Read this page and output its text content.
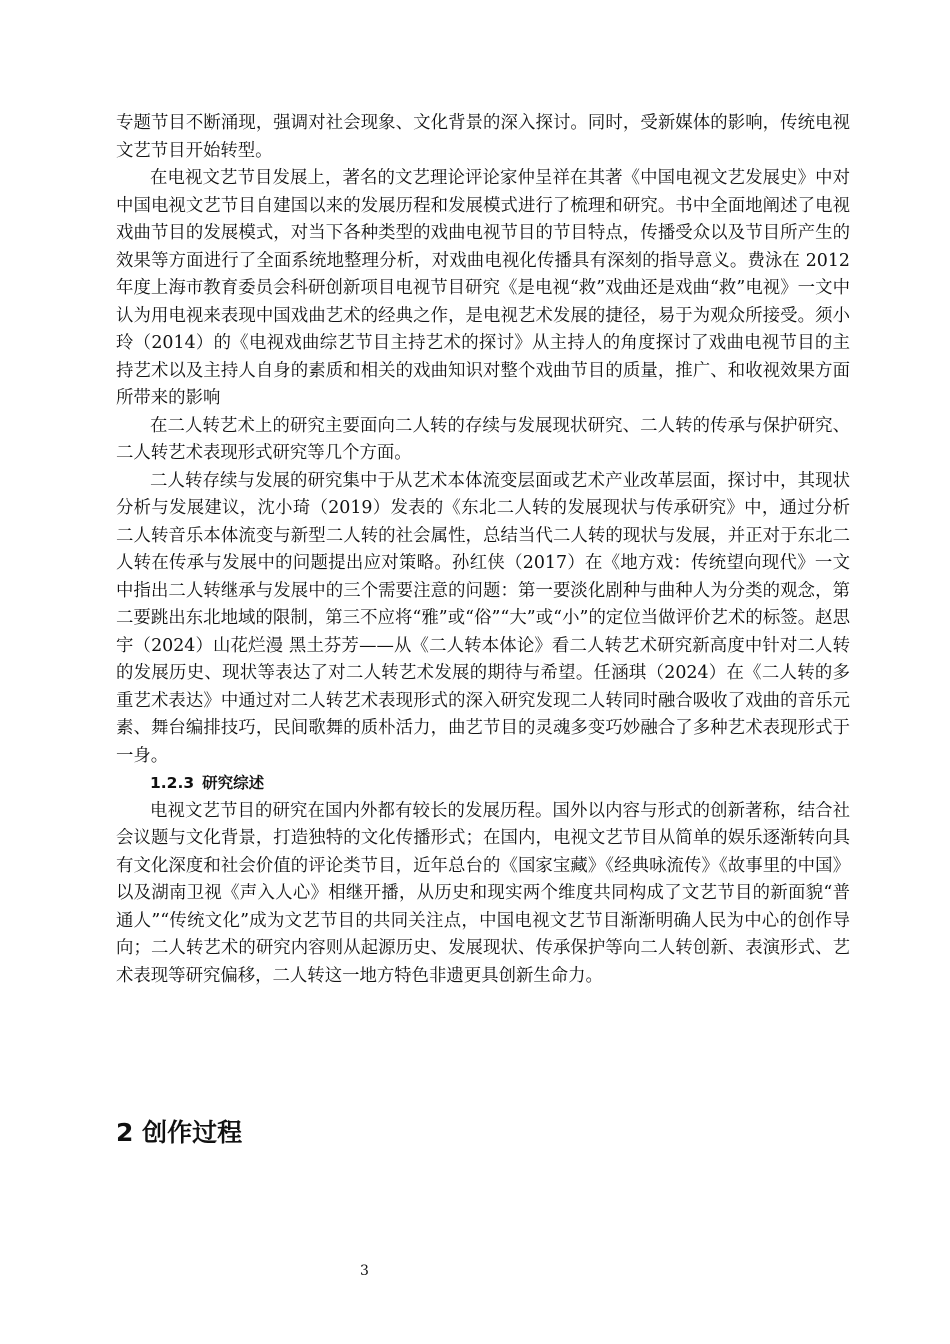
专题节目不断涌现，强调对社会现象、文化背景的深入探讨。同时，受新媒体的影响，传统电视文艺节目开始转型。

在电视文艺节目发展上，著名的文艺理论评论家仲呈祥在其著《中国电视文艺发展史》中对中国电视文艺节目自建国以来的发展历程和发展模式进行了梳理和研究。书中全面地阐述了电视戏曲节目的发展模式，对当下各种类型的戏曲电视节目的节目特点，传播受众以及节目所产生的效果等方面进行了全面系统地整理分析，对戏曲电视化传播具有深刻的指导意义。费泳在 2012 年度上海市教育委员会科研创新项目电视节目研究《是电视“救”戏曲还是戏曲“救”电视》一文中认为用电视来表现中国戏曲艺术的经典之作，是电视艺术发展的捷径，易于为观众所接受。须小玲（2014）的《电视戏曲综艺节目主持艺术的探讨》从主持人的角度探讨了戏曲电视节目的主持艺术以及主持人自身的素质和相关的戏曲知识对整个戏曲节目的质量，推广、和收视效果方面所带来的影响

在二人转艺术上的研究主要面向二人转的存续与发展现状研究、二人转的传承与保护研究、二人转艺术表现形式研究等几个方面。

二人转存续与发展的研究集中于从艺术本体流变层面或艺术产业改革层面，探讨中，其现状分析与发展建议，沈小琦（2019）发表的《东北二人转的发展现状与传承研究》中，通过分析二人转音乐本体流变与新型二人转的社会属性，总结当代二人转的现状与发展，并正对于东北二人转在传承与发展中的问题提出应对策略。孙红侠（2017）在《地方戏：传统望向现代》一文中指出二人转继承与发展中的三个需要注意的问题：第一要淡化剧种与曲种人为分类的观念，第二要跳出东北地域的限制，第三不应将“雅”或“俗”“大”或“小”的定位当做评价艺术的标签。赵思宇（2024）山花烂漫 黑土芬芳——从《二人转本体论》看二人转艺术研究新高度中针对二人转的发展历史、现状等表达了对二人转艺术发展的期待与希望。任涵琪（2024）在《二人转的多重艺术表达》中通过对二人转艺术表现形式的深入研究发现二人转同时融合吸收了戏曲的音乐元素、舞台编排技巧，民间歌舞的质朴活力，曲艺节目的灵魂多变巧妙融合了多种艺术表现形式于一身。

1.2.3 研究综述

电视文艺节目的研究在国内外都有较长的发展历程。国外以内容与形式的创新著称，结合社会议题与文化背景，打造独特的文化传播形式；在国内，电视文艺节目从简单的娱乐逐渐转向具有文化深度和社会价值的评论类节目，近年总台的《国家宝藏》《经典咏流传》《故事里的中国》以及湖南卫视《声入人心》相继开播，从历史和现实两个维度共同构成了文艺节目的新面貌“普通人”“传统文化”成为文艺节目的共同关注点，中国电视文艺节目渐渐明确人民为中心的创作导向；二人转艺术的研究内容则从起源历史、发展现状、传承保护等向二人转创新、表演形式、艺术表现等研究偏移，二人转这一地方特色非遗更具创新生命力。

2 创作过程
3
